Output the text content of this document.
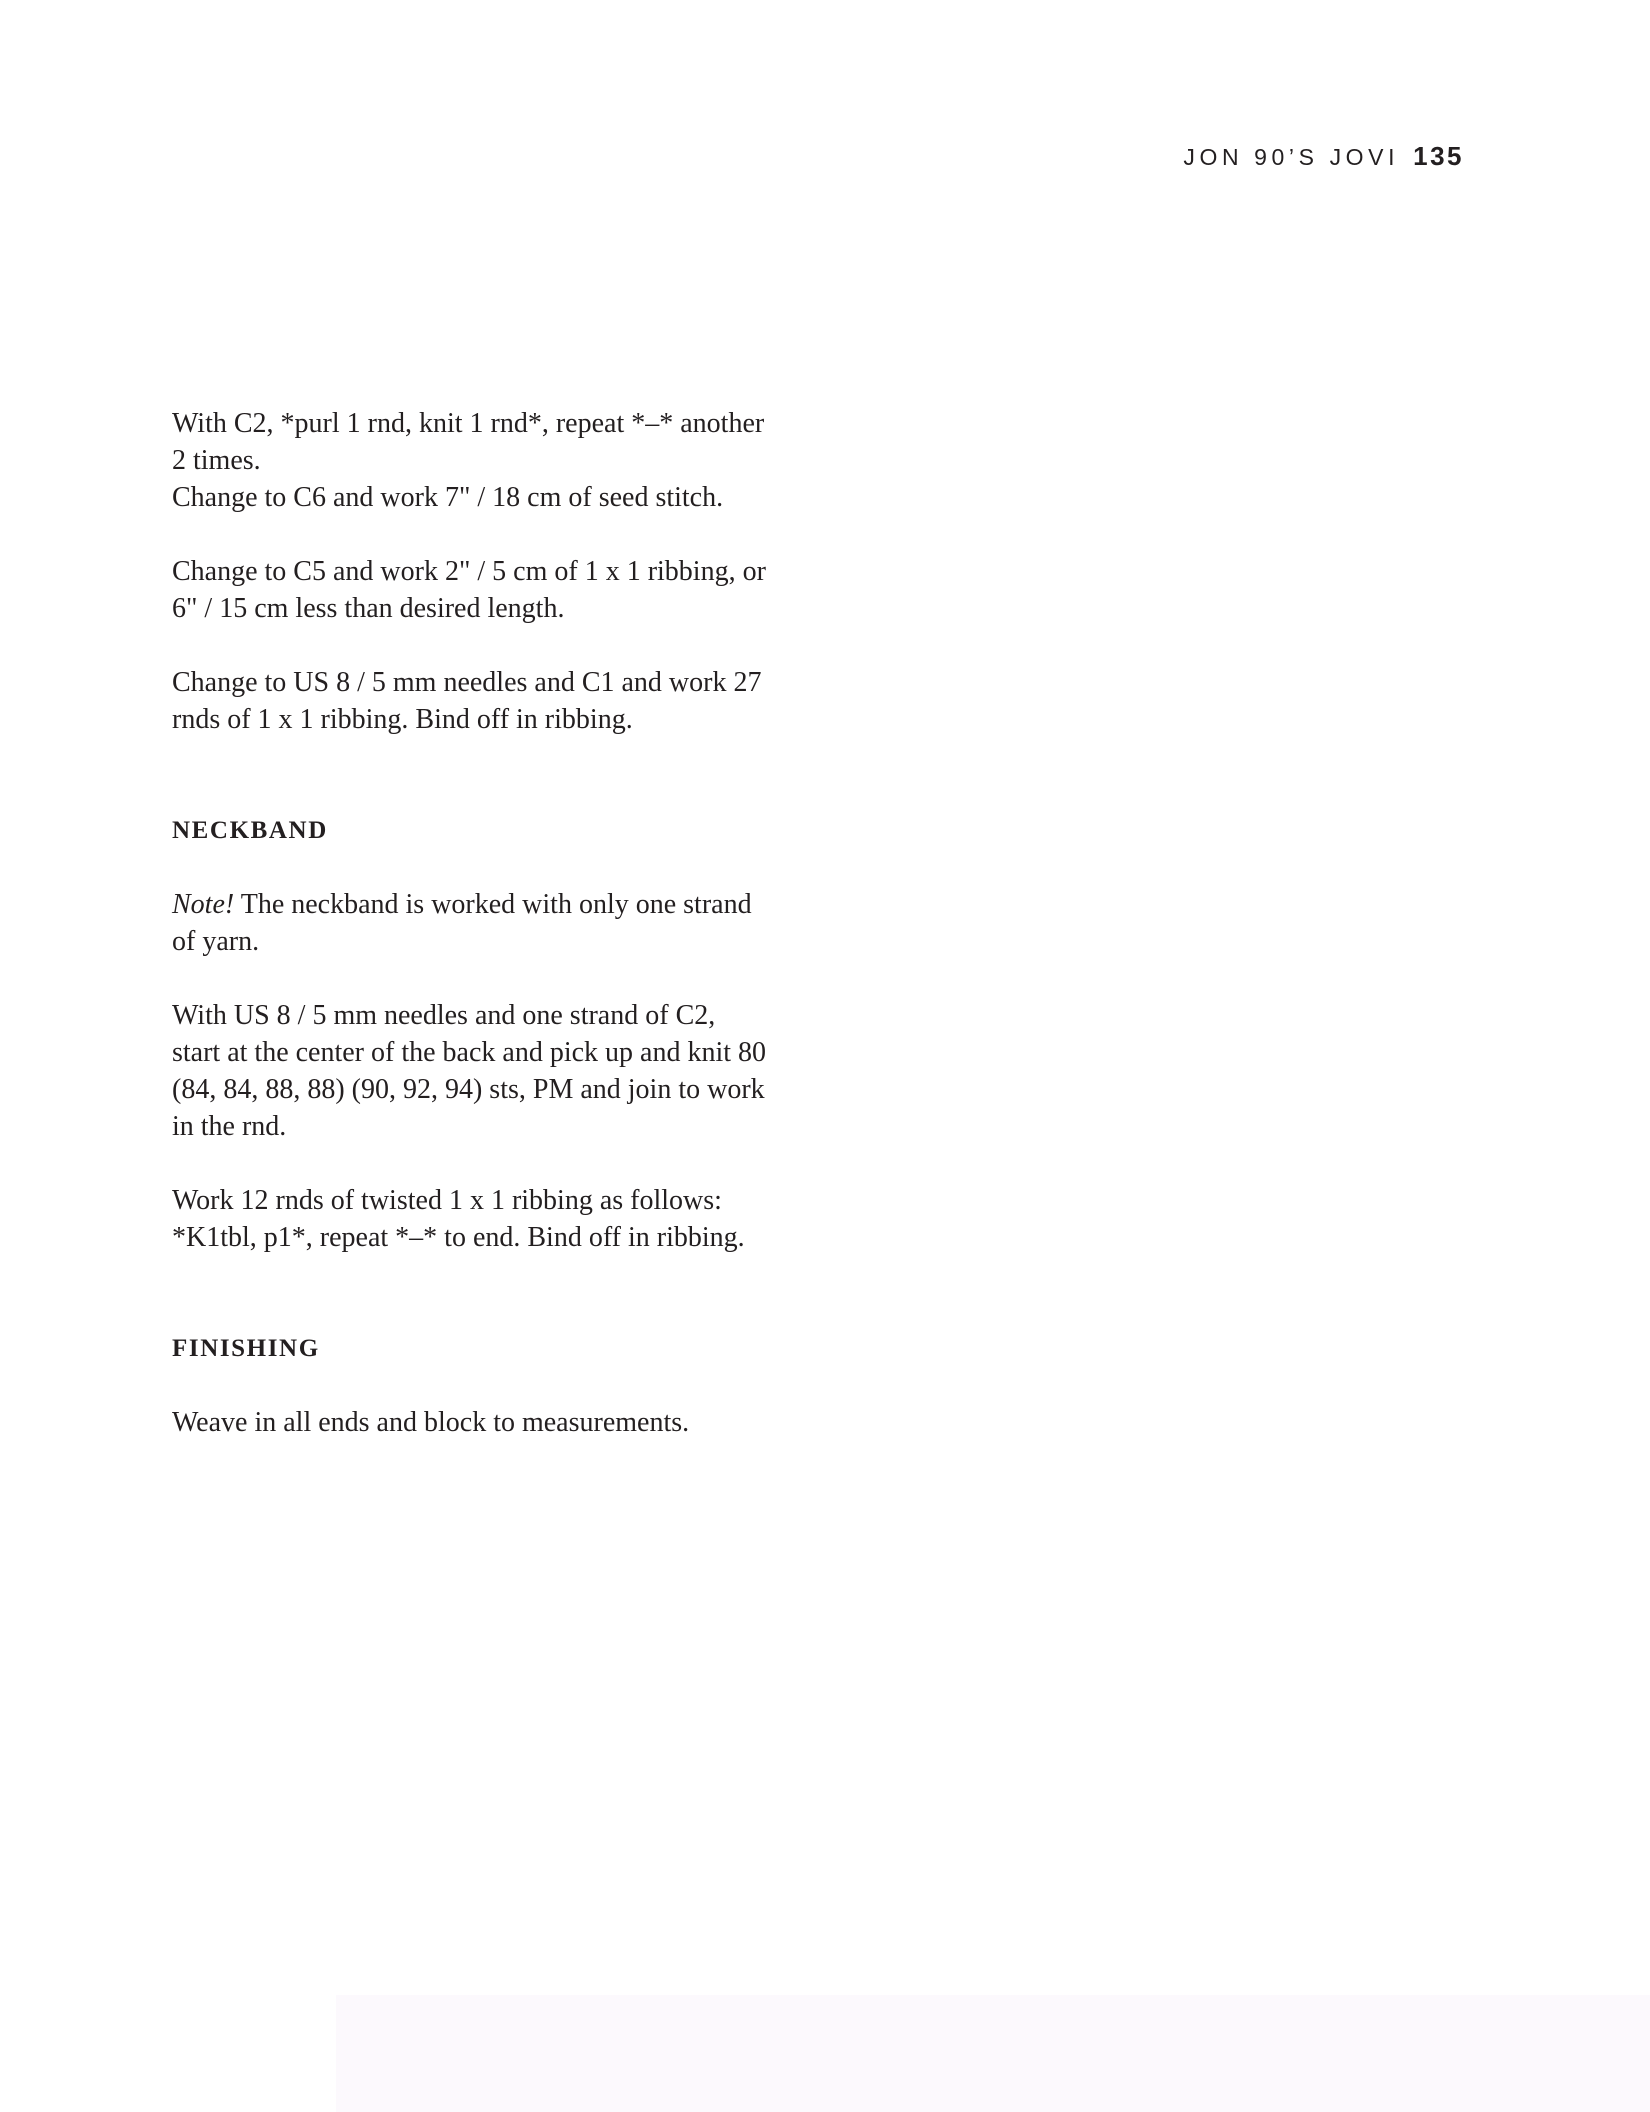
JON 90’S JOVI 135

With C2, *purl 1 rnd, knit 1 rnd*, repeat *–* another
2 times.
Change to C6 and work 7" / 18 cm of seed stitch.

Change to C5 and work 2" / 5 cm of 1 x 1 ribbing, or
6" / 15 cm less than desired length.

Change to US 8 / 5 mm needles and C1 and work 27
rnds of 1 x 1 ribbing. Bind off in ribbing.

NECKBAND

Note! The neckband is worked with only one strand
of yarn.

With US 8 / 5 mm needles and one strand of C2,
start at the center of the back and pick up and knit 80
(84, 84, 88, 88) (90, 92, 94) sts, PM and join to work
in the rnd.

Work 12 rnds of twisted 1 x 1 ribbing as follows:
*K1tbl, p1*, repeat *–* to end. Bind off in ribbing.

FINISHING

Weave in all ends and block to measurements.
